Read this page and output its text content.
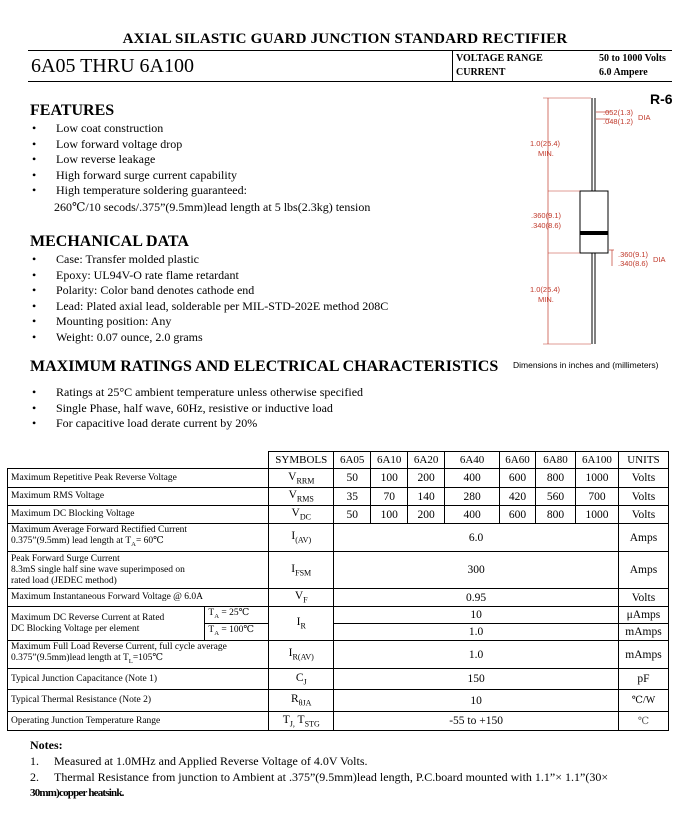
AXIAL SILASTIC GUARD JUNCTION STANDARD RECTIFIER
6A05 THRU 6A100	VOLTAGE RANGE	50 to 1000 Volts
CURRENT	6.0 Ampere
FEATURES
• Low coat construction
• Low forward voltage drop
• Low reverse leakage
• High forward surge current capability
• High temperature soldering guaranteed:
260℃/10 secods/.375”(9.5mm)lead length at 5 lbs(2.3kg) tension
MECHANICAL DATA
• Case: Transfer molded plastic
• Epoxy: UL94V-O rate flame retardant
• Polarity: Color band denotes cathode end
• Lead: Plated axial lead, solderable per MIL-STD-202E method 208C
• Mounting position: Any
• Weight: 0.07 ounce, 2.0 grams
MAXIMUM RATINGS AND ELECTRICAL CHARACTERISTICS
• Ratings at 25°C ambient temperature unless otherwise specified
• Single Phase, half wave, 60Hz, resistive or inductive load
• For capacitive load derate current by 20%
R-6
.052(1.3)
.048(1.2) DIA
1.0(25.4)
MIN.
.360(9.1)
.340(8.6)
.360(9.1)
.340(8.6) DIA
1.0(25.4)
MIN.
Dimensions in inches and (millimeters)
		SYMBOLS	6A05	6A10	6A20	6A40	6A60	6A80	6A100	UNITS
Maximum Repetitive Peak Reverse Voltage		$V_{RRM}$	50	100	200	400	600	800	1000	Volts
Maximum RMS Voltage		$V_{RMS}$	35	70	140	280	420	560	700	Volts
Maximum DC Blocking Voltage		$V_{DC}$	50	100	200	400	600	800	1000	Volts

Maximum Average Forward Rectified Current
0.375”(9.5mm) lead length at $T_A=$ 60℃		$I_{(AV)}$	6.0							Amps

Peak Forward Surge Current
8.3mS single half sine wave superimposed on
rated load (JEDEC method)		$I_{FSM}$	300							Amps
Maximum Instantaneous Forward Voltage @ 6.0A		$V_F$	0.95							Volts

Maximum DC Reverse Current at Rated
DC Blocking Voltage per element	$T_A$ = 25℃	$I_R$	10							μAmps
	$T_A$ = 100℃		1.0							mAmps

Maximum Full Load Reverse Current, full cycle average
0.375”(9.5mm)lead length at $T_L=105℃$		$I_{R(AV)}$	1.0							mAmps
Typical Junction Capacitance (Note 1)		$C_J$	150							pF
Typical Thermal Resistance (Note 2)		$R_{\theta JA}$	10							℃/W
Operating Junction Temperature Range		$T_{J,}$ $T_{STG}$	-55 to +150							℃
Notes:
1. Measured at 1.0MHz and Applied Reverse Voltage of 4.0V Volts.
2. Thermal Resistance from junction to Ambient at .375”(9.5mm)lead length, P.C.board mounted with 1.1”× 1.1”(30×
30mm)copper heatsink.
